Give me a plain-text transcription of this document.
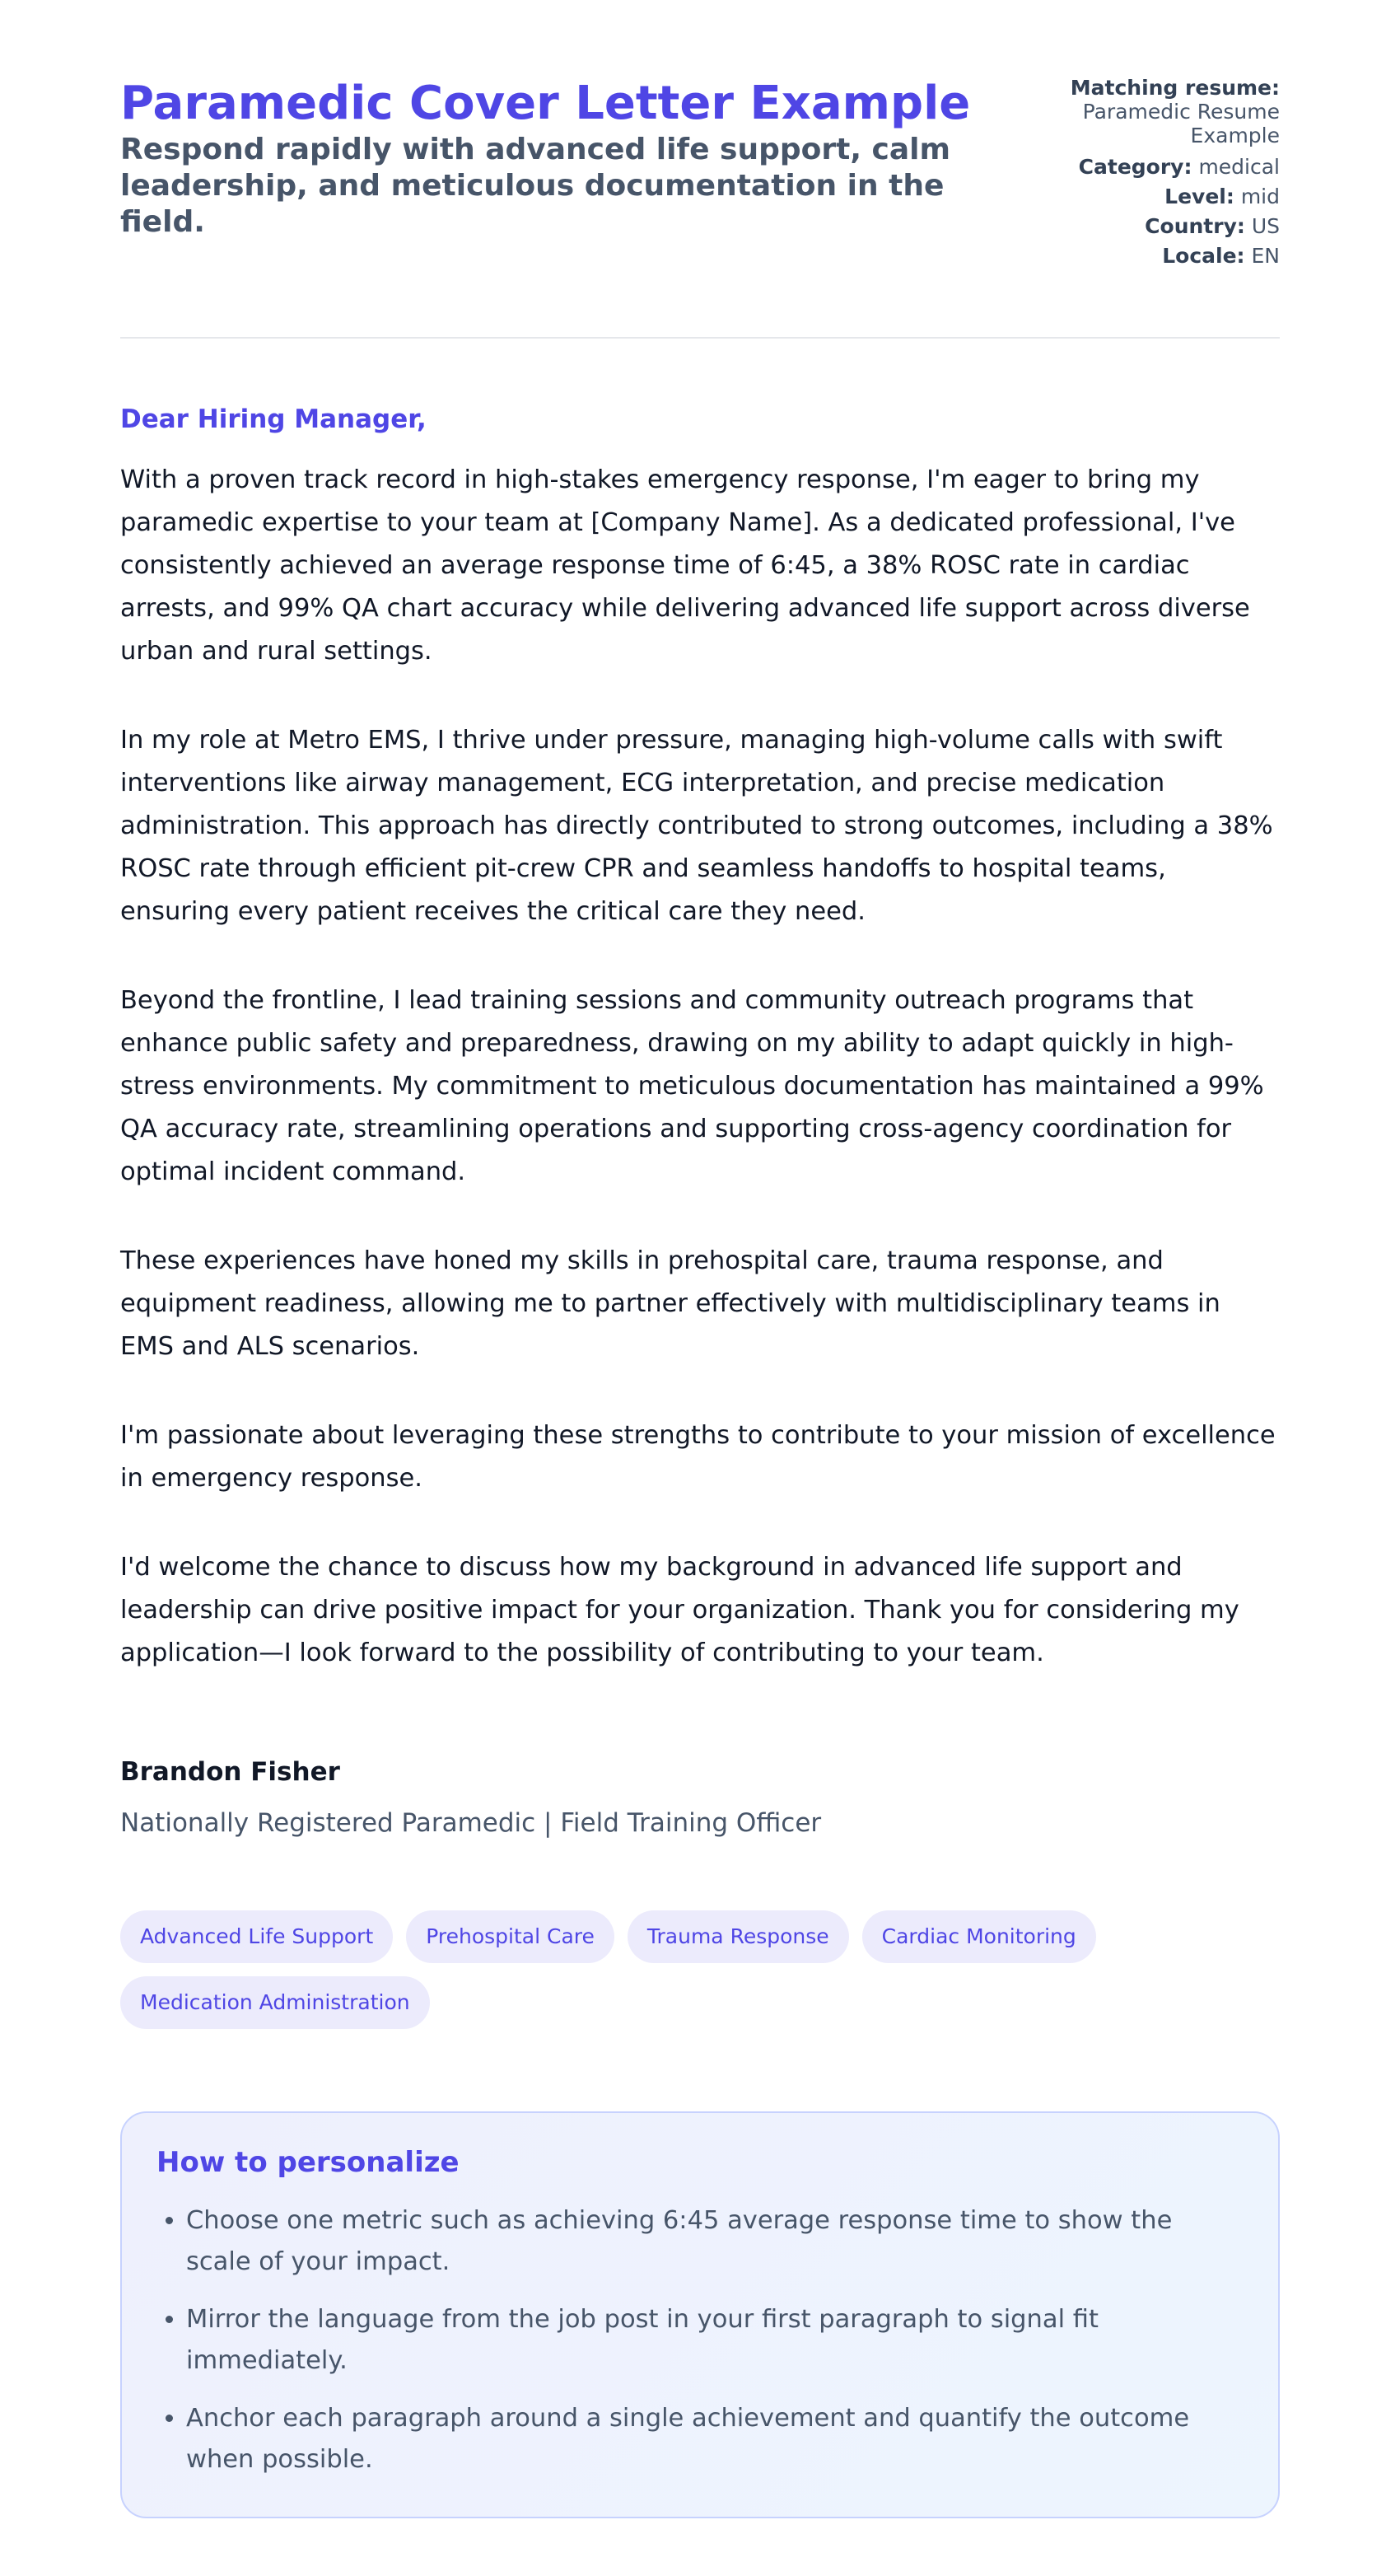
Paramedic Cover Letter Example

Respond rapidly with advanced life support, calm leadership, and meticulous documentation in the field.

Matching resume:
Paramedic Resume Example
Category: medical
Level: mid
Country: US
Locale: EN
Dear Hiring Manager,

With a proven track record in high-stakes emergency response, I'm eager to bring my paramedic expertise to your team at [Company Name]. As a dedicated professional, I've consistently achieved an average response time of 6:45, a 38% ROSC rate in cardiac arrests, and 99% QA chart accuracy while delivering advanced life support across diverse urban and rural settings.

In my role at Metro EMS, I thrive under pressure, managing high-volume calls with swift interventions like airway management, ECG interpretation, and precise medication administration. This approach has directly contributed to strong outcomes, including a 38% ROSC rate through efficient pit-crew CPR and seamless handoffs to hospital teams, ensuring every patient receives the critical care they need.

Beyond the frontline, I lead training sessions and community outreach programs that enhance public safety and preparedness, drawing on my ability to adapt quickly in high-stress environments. My commitment to meticulous documentation has maintained a 99% QA accuracy rate, streamlining operations and supporting cross-agency coordination for optimal incident command.

These experiences have honed my skills in prehospital care, trauma response, and equipment readiness, allowing me to partner effectively with multidisciplinary teams in EMS and ALS scenarios.

I'm passionate about leveraging these strengths to contribute to your mission of excellence in emergency response.

I'd welcome the chance to discuss how my background in advanced life support and leadership can drive positive impact for your organization. Thank you for considering my application—I look forward to the possibility of contributing to your team.

Brandon Fisher
Nationally Registered Paramedic | Field Training Officer
Advanced Life Support	Prehospital Care	Trauma Response	Cardiac Monitoring
Medication Administration
How to personalize
• Choose one metric such as achieving 6:45 average response time to show the scale of your impact.
• Mirror the language from the job post in your first paragraph to signal fit immediately.
• Anchor each paragraph around a single achievement and quantify the outcome when possible.
